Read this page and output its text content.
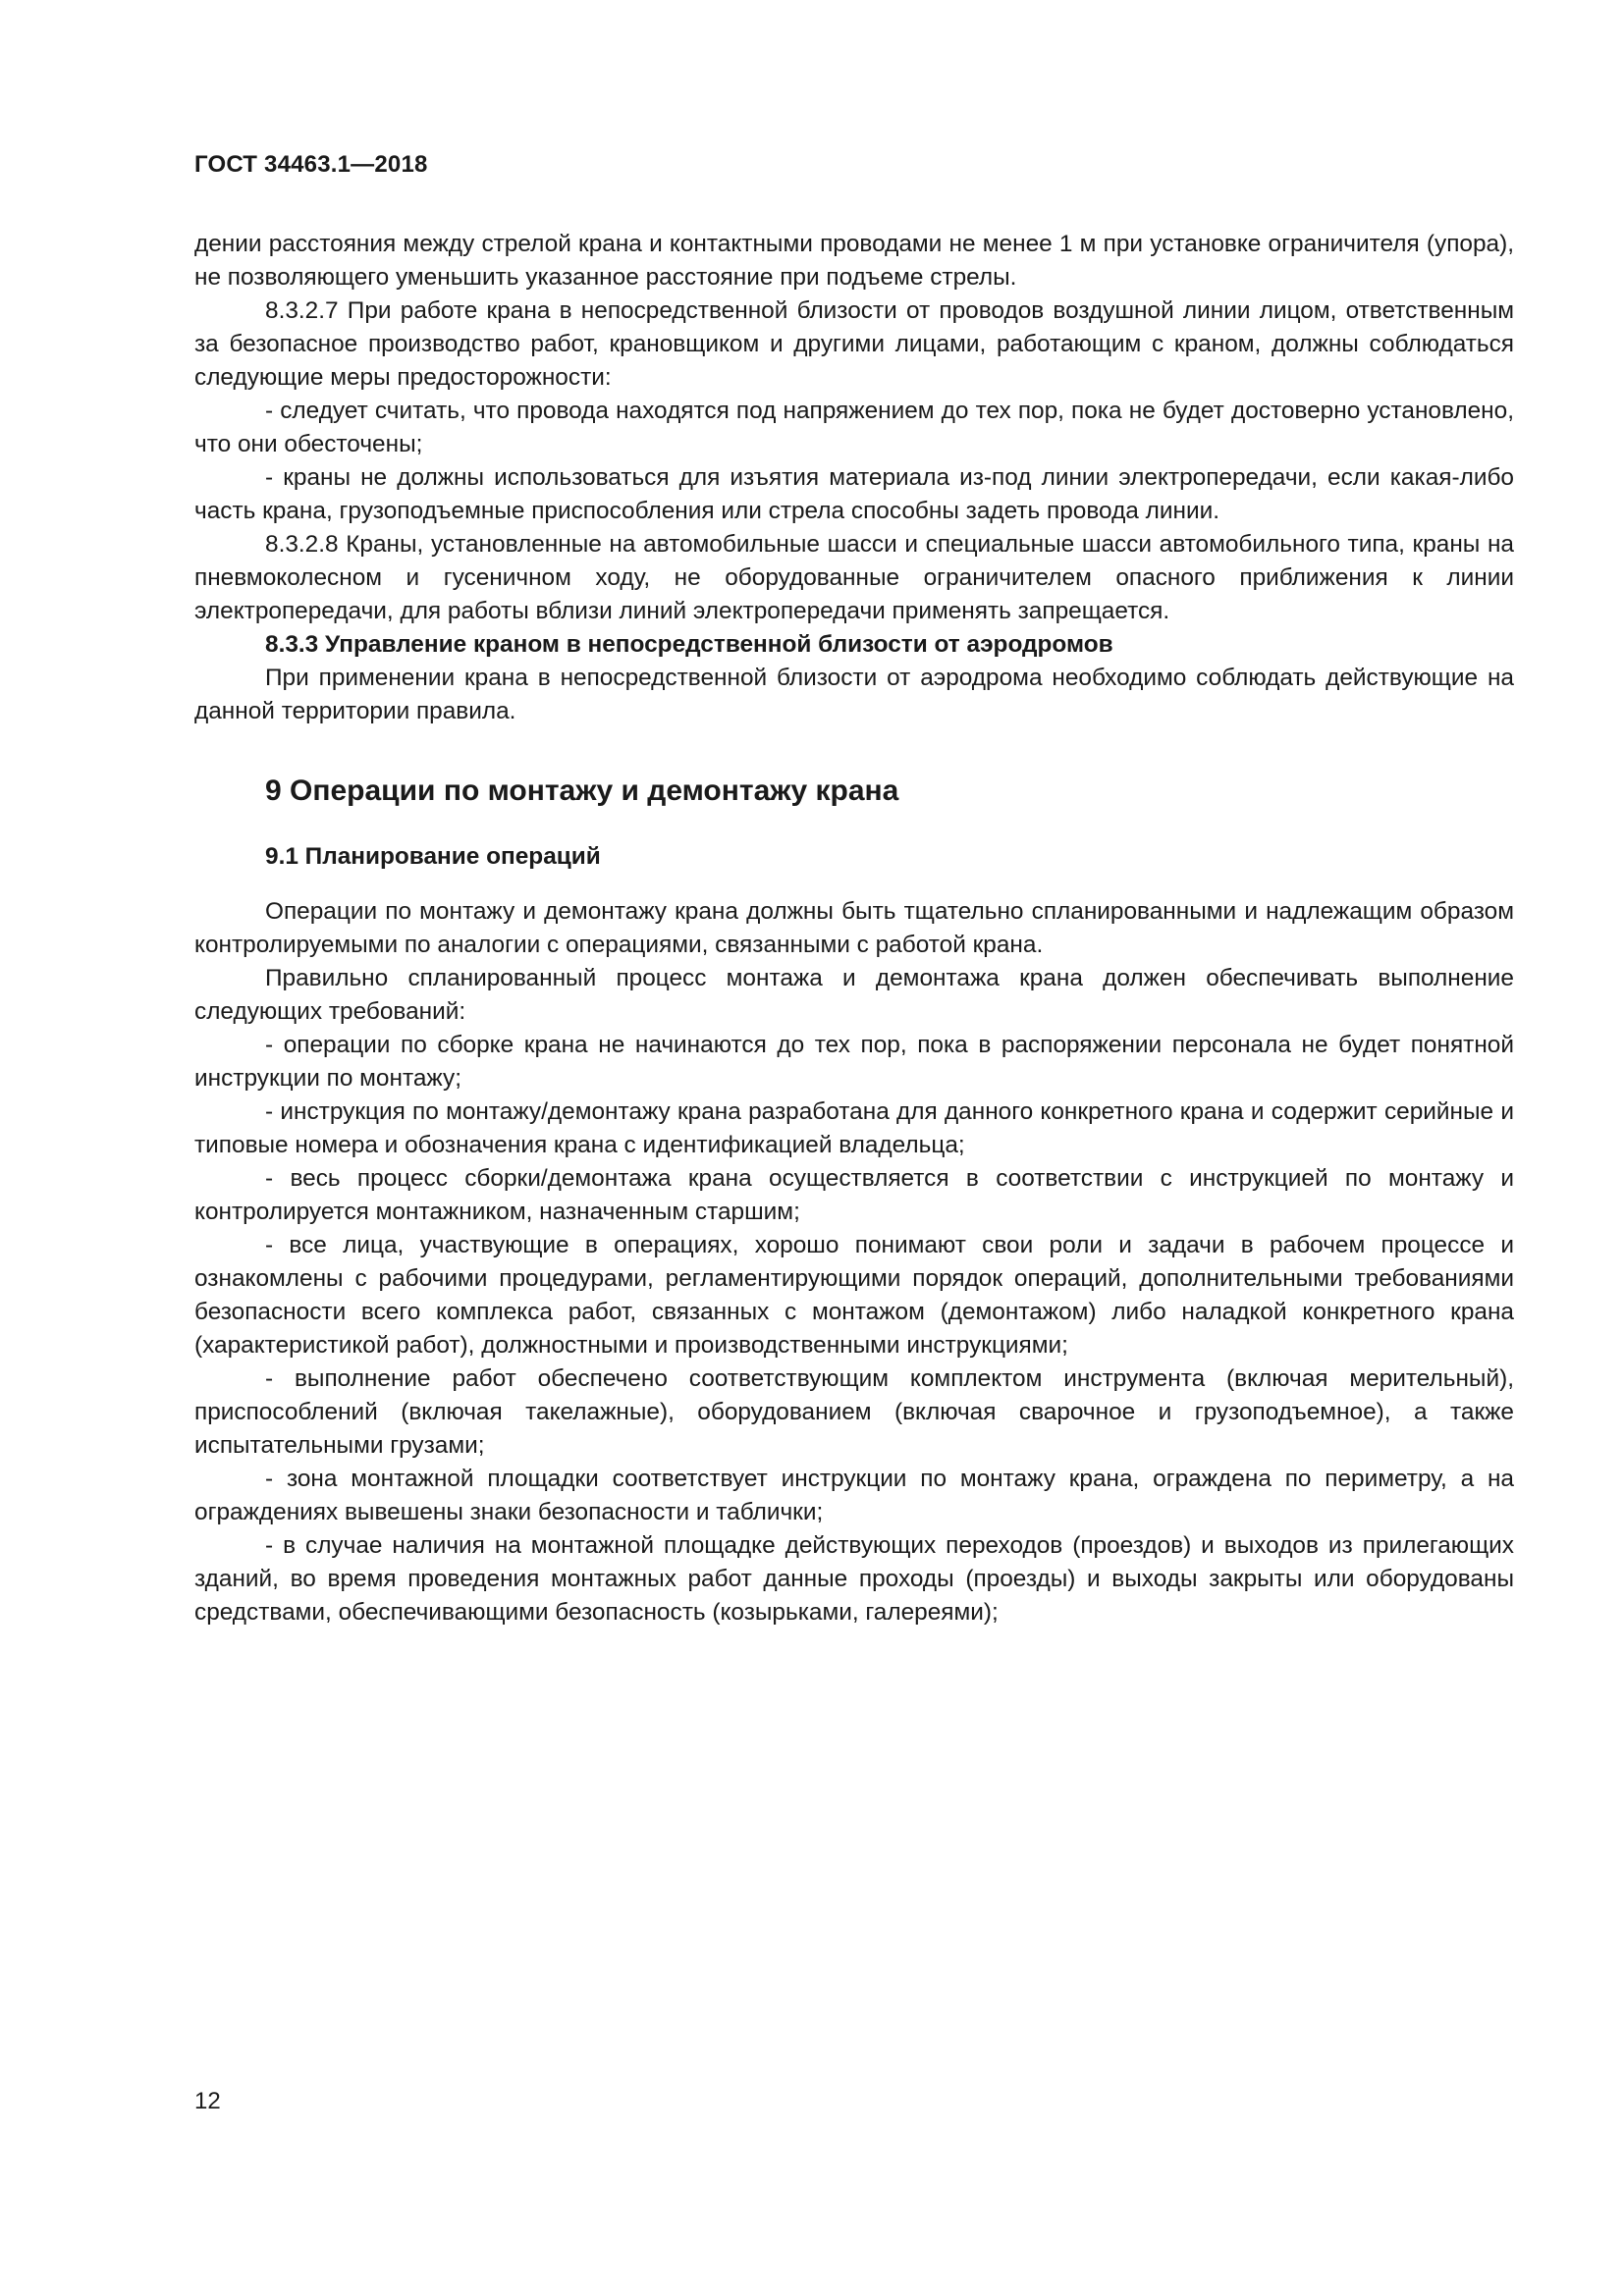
ГОСТ 34463.1—2018

дении расстояния между стрелой крана и контактными проводами не менее 1 м при установке ограничителя (упора), не позволяющего уменьшить указанное расстояние при подъеме стрелы.

8.3.2.7 При работе крана в непосредственной близости от проводов воздушной линии лицом, ответственным за безопасное производство работ, крановщиком и другими лицами, работающим с краном, должны соблюдаться следующие меры предосторожности:

- следует считать, что провода находятся под напряжением до тех пор, пока не будет достоверно установлено, что они обесточены;

- краны не должны использоваться для изъятия материала из-под линии электропередачи, если какая-либо часть крана, грузоподъемные приспособления или стрела способны задеть провода линии.

8.3.2.8 Краны, установленные на автомобильные шасси и специальные шасси автомобильного типа, краны на пневмоколесном и гусеничном ходу, не оборудованные ограничителем опасного приближения к линии электропередачи, для работы вблизи линий электропередачи применять запрещается.

8.3.3 Управление краном в непосредственной близости от аэродромов

При применении крана в непосредственной близости от аэродрома необходимо соблюдать действующие на данной территории правила.

9 Операции по монтажу и демонтажу крана
9.1 Планирование операций

Операции по монтажу и демонтажу крана должны быть тщательно спланированными и надлежащим образом контролируемыми по аналогии с операциями, связанными с работой крана.

Правильно спланированный процесс монтажа и демонтажа крана должен обеспечивать выполнение следующих требований:

- операции по сборке крана не начинаются до тех пор, пока в распоряжении персонала не будет понятной инструкции по монтажу;

- инструкция по монтажу/демонтажу крана разработана для данного конкретного крана и содержит серийные и типовые номера и обозначения крана с идентификацией владельца;

- весь процесс сборки/демонтажа крана осуществляется в соответствии с инструкцией по монтажу и контролируется монтажником, назначенным старшим;

- все лица, участвующие в операциях, хорошо понимают свои роли и задачи в рабочем процессе и ознакомлены с рабочими процедурами, регламентирующими порядок операций, дополнительными требованиями безопасности всего комплекса работ, связанных с монтажом (демонтажом) либо наладкой конкретного крана (характеристикой работ), должностными и производственными инструкциями;

- выполнение работ обеспечено соответствующим комплектом инструмента (включая мерительный), приспособлений (включая такелажные), оборудованием (включая сварочное и грузоподъемное), а также испытательными грузами;

- зона монтажной площадки соответствует инструкции по монтажу крана, ограждена по периметру, а на ограждениях вывешены знаки безопасности и таблички;

- в случае наличия на монтажной площадке действующих переходов (проездов) и выходов из прилегающих зданий, во время проведения монтажных работ данные проходы (проезды) и выходы закрыты или оборудованы средствами, обеспечивающими безопасность (козырьками, галереями);

12
